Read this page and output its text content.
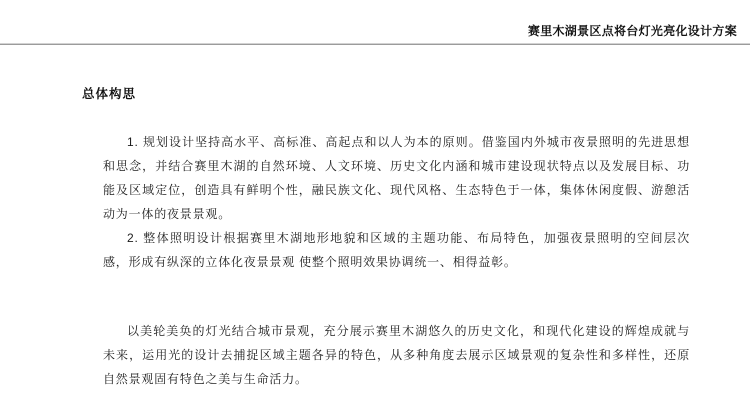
赛里木湖景区点将台灯光亮化设计方案
总体构思

1. 规划设计坚持高水平、高标准、高起点和以人为本的原则。借鉴国内外城市夜景照明的先进思想和思念，并结合赛里木湖的自然环境、人文环境、历史文化内涵和城市建设现状特点以及发展目标、功能及区域定位，创造具有鲜明个性，融民族文化、现代风格、生态特色于一体，集体休闲度假、游憩活动为一体的夜景景观。

2. 整体照明设计根据赛里木湖地形地貌和区域的主题功能、布局特色，加强夜景照明的空间层次感，形成有纵深的立体化夜景景观 使整个照明效果协调统一、相得益彰。

以美轮美奂的灯光结合城市景观，充分展示赛里木湖悠久的历史文化，和现代化建设的辉煌成就与未来，运用光的设计去捕捉区域主题各异的特色，从多种角度去展示区域景观的复杂性和多样性，还原自然景观固有特色之美与生命活力。
